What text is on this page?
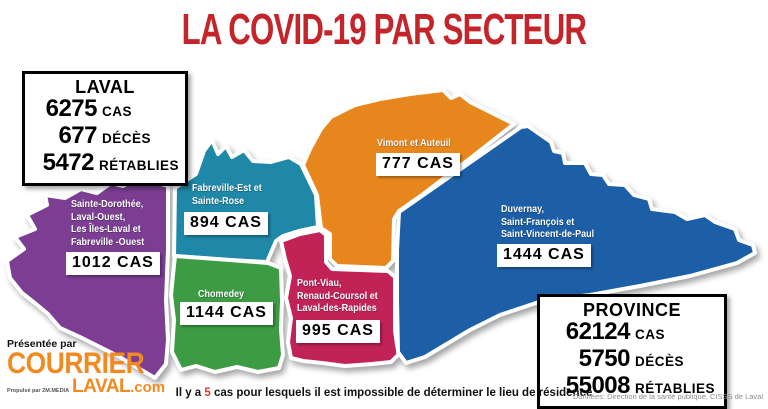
LA COVID-19 PAR SECTEUR
LAVAL
6275 CAS
677 DÉCÈS
5472 RÉTABLIES
PROVINCE
62124 CAS
5750 DÉCÈS
55008 RÉTABLIES
Sainte-Dorothée,
Laval-Ouest,
Les Îles-Laval et
Fabreville -Ouest
1012 CAS
Fabreville-Est et
Sainte-Rose
894 CAS
Vimont et Auteuil
777 CAS
Duvernay,
Saint-François et
Saint-Vincent-de-Paul
1444 CAS
Chomedey
1144 CAS
Pont-Viau,
Renaud-Coursol et
Laval-des-Rapides
995 CAS
Il y a 5 cas pour lesquels il est impossible de déterminer le lieu de résidence
Données: Direction de la santé publique, CISSS de Laval
Présentée par
COURRIER
Propulsé par 2M.MEDIA LAVAL .com
